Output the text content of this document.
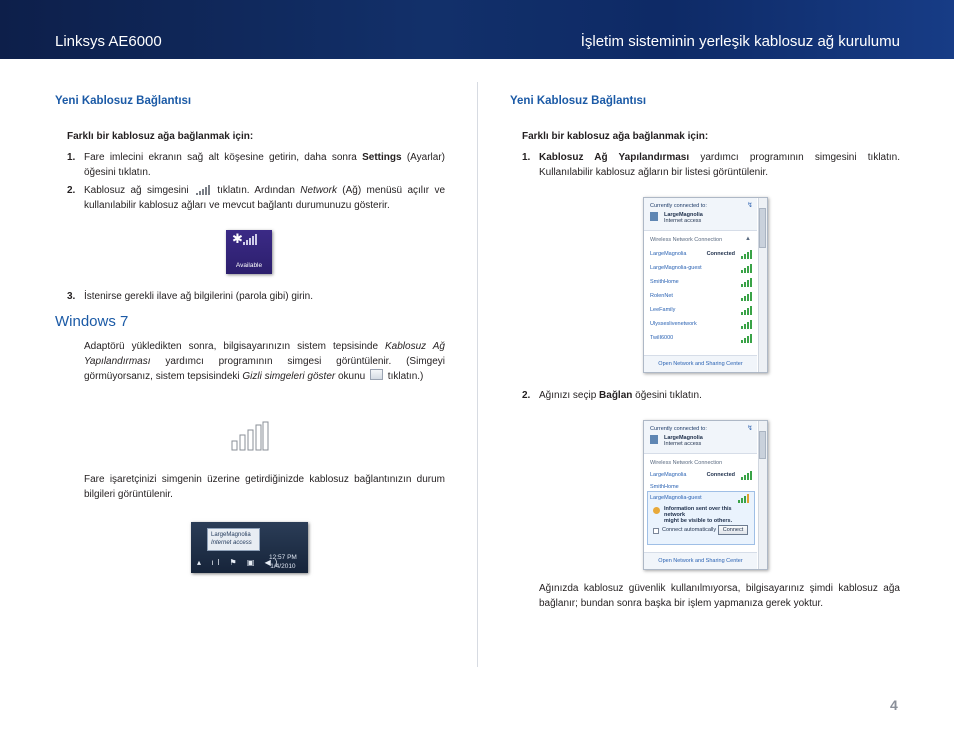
Linksys AE6000	İşletim sisteminin yerleşik kablosuz ağ kurulumu
Yeni Kablosuz Bağlantısı
Farklı bir kablosuz ağa bağlanmak için:
1. Fare imlecini ekranın sağ alt köşesine getirin, daha sonra Settings (Ayarlar) öğesini tıklatın.
2. Kablosuz ağ simgesini  tıklatın. Ardından Network (Ağ) menüsü açılır ve kullanılabilir kablosuz ağları ve mevcut bağlantı durumunuzu gösterir.
✱
Available
3. İstenirse gerekli ilave ağ bilgilerini (parola gibi) girin.
Windows 7
Adaptörü yükledikten sonra, bilgisayarınızın sistem tepsisinde Kablosuz Ağ Yapılandırması yardımcı programının simgesi görüntülenir. (Simgeyi görmüyorsanız, sistem tepsisindeki Gizli simgeleri göster okunu  tıklatın.)
Fare işaretçinizi simgenin üzerine getirdiğinizde kablosuz bağlantınızın durum bilgileri görüntülenir.
LargeMagnolia
Internet access
▴ ıl ⚑ ▣ ◀)
12:57 PM
1/4/2010
Yeni Kablosuz Bağlantısı
Farklı bir kablosuz ağa bağlanmak için:
1. Kablosuz Ağ Yapılandırması yardımcı programının simgesini tıklatın. Kullanılabilir kablosuz ağların bir listesi görüntülenir.
Currently connected to:	↯
LargeMagnolia
Internet access
Wireless Network Connection	▲
LargeMagnolia	Connected
LargeMagnolia-guest
SmithHome
RolenNet
LeeFamily
Ulysseslivenetwork
TwilI6000
Open Network and Sharing Center
2. Ağınızı seçip Bağlan öğesini tıklatın.
Currently connected to:	↯
LargeMagnolia
Internet access
Wireless Network Connection
LargeMagnolia	Connected
SmithHome
LargeMagnolia-guest
Information sent over this network
might be visible to others.
Connect automatically	Connect
Open Network and Sharing Center
Ağınızda kablosuz güvenlik kullanılmıyorsa, bilgisayarınız şimdi kablosuz ağa bağlanır; bundan sonra başka bir işlem yapmanıza gerek yoktur.
4
